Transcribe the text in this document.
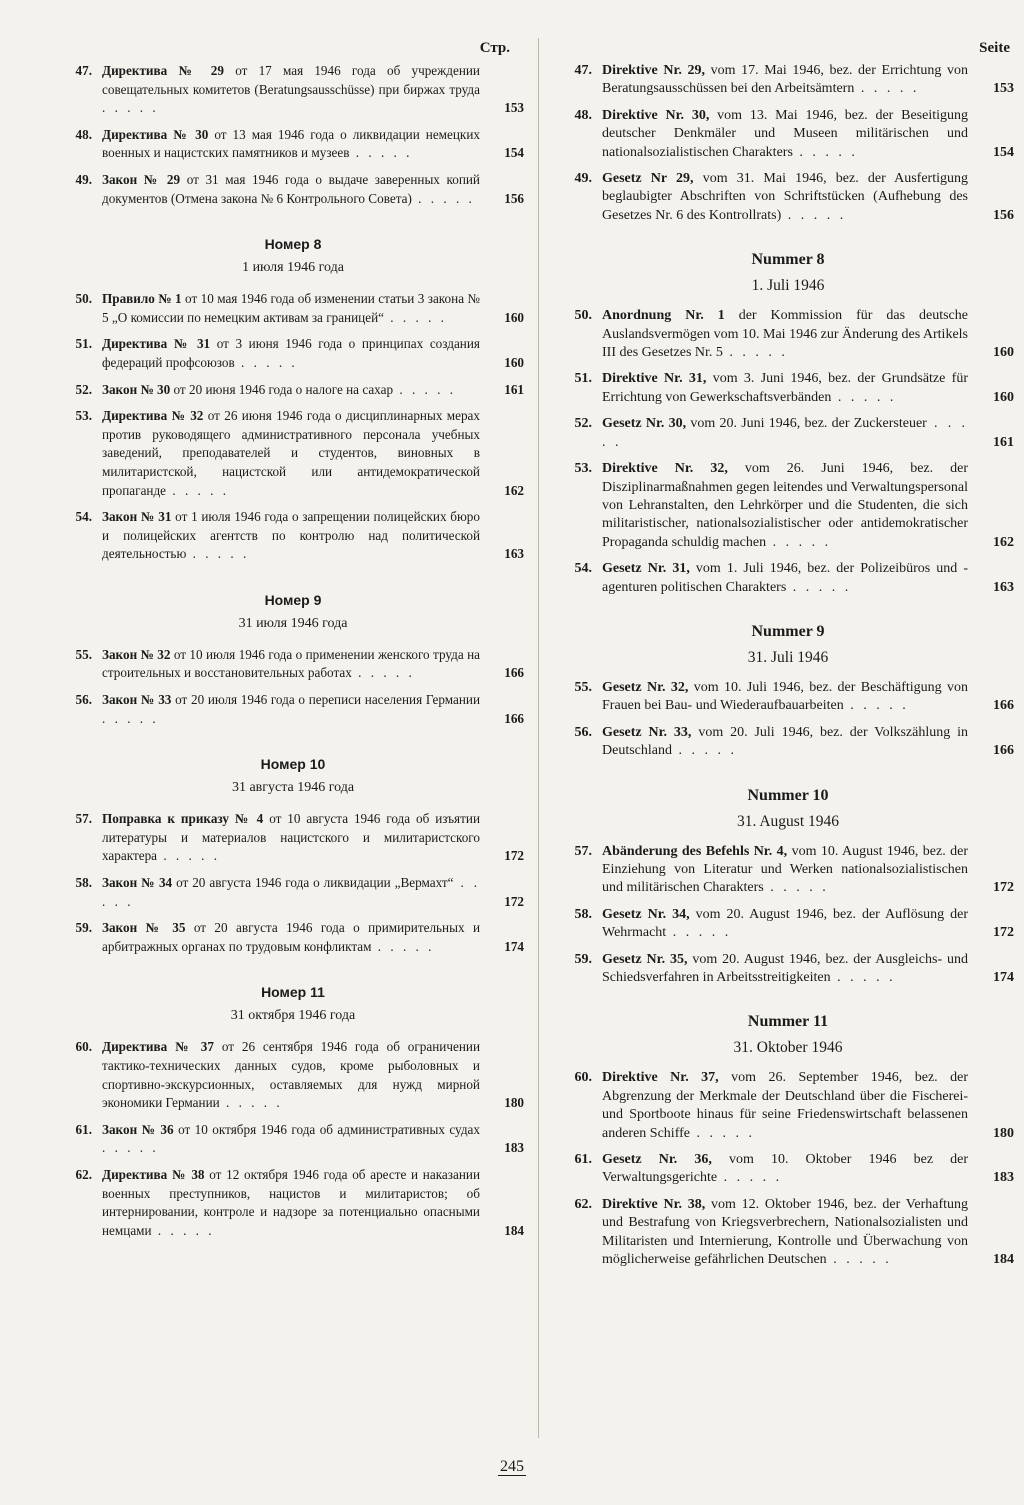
Стр.
47. Директива № 29 от 17 мая 1946 года об учреждении совещательных комитетов (Beratungsausschüsse) при биржах труда . . . . .	153
48. Директива № 30 от 13 мая 1946 года о ликвидации немецких военных и нацистских памятников и музеев . . . . .	154
49. Закон № 29 от 31 мая 1946 года о выдаче заверенных копий документов (Отмена закона № 6 Контрольного Совета) . . . . .	156
Номер 8
1 июля 1946 года
50. Правило № 1 от 10 мая 1946 года об изменении статьи 3 закона № 5 „О комиссии по немецким активам за границей“ . . . . .	160
51. Директива № 31 от 3 июня 1946 года о принципах создания федераций профсоюзов . . . . .	160
52. Закон № 30 от 20 июня 1946 года о налоге на сахар . . . . .	161
53. Директива № 32 от 26 июня 1946 года о дисциплинарных мерах против руководящего административного персонала учебных заведений, преподавателей и студентов, виновных в милитаристской, нацистской или антидемократической пропаганде . . . . .	162
54. Закон № 31 от 1 июля 1946 года о запрещении полицейских бюро и полицейских агентств по контролю над политической деятельностью . . . . .	163
Номер 9
31 июля 1946 года
55. Закон № 32 от 10 июля 1946 года о применении женского труда на строительных и восстановительных работах . . . . .	166
56. Закон № 33 от 20 июля 1946 года о переписи населения Германии . . . . .	166
Номер 10
31 августа 1946 года
57. Поправка к приказу № 4 от 10 августа 1946 года об изъятии литературы и материалов нацистского и милитаристского характера . . . . .	172
58. Закон № 34 от 20 августа 1946 года о ликвидации „Вермахт“ . . . . .	172
59. Закон № 35 от 20 августа 1946 года о примирительных и арбитражных органах по трудовым конфликтам . . . . .	174
Номер 11
31 октября 1946 года
60. Директива № 37 от 26 сентября 1946 года об ограничении тактико-технических данных судов, кроме рыболовных и спортивно-экскурсионных, оставляемых для нужд мирной экономики Германии . . . . .	180
61. Закон № 36 от 10 октября 1946 года об административных судах . . . . .	183
62. Директива № 38 от 12 октября 1946 года об аресте и наказании военных преступников, нацистов и милитаристов; об интернировании, контроле и надзоре за потенциально опасными немцами . . . . .	184
Seite
47. Direktive Nr. 29, vom 17. Mai 1946, bez. der Errichtung von Beratungsausschüssen bei den Arbeitsämtern . . . . .	153
48. Direktive Nr. 30, vom 13. Mai 1946, bez. der Beseitigung deutscher Denkmäler und Museen militärischen und nationalsozialistischen Charakters . . . . .	154
49. Gesetz Nr 29, vom 31. Mai 1946, bez. der Ausfertigung beglaubigter Abschriften von Schriftstücken (Aufhebung des Gesetzes Nr. 6 des Kontrollrats) . . . . .	156
Nummer 8
1. Juli 1946
50. Anordnung Nr. 1 der Kommission für das deutsche Auslandsvermögen vom 10. Mai 1946 zur Änderung des Artikels III des Gesetzes Nr. 5 . . . . .	160
51. Direktive Nr. 31, vom 3. Juni 1946, bez. der Grundsätze für Errichtung von Gewerkschaftsverbänden . . . . .	160
52. Gesetz Nr. 30, vom 20. Juni 1946, bez. der Zuckersteuer . . . . .	161
53. Direktive Nr. 32, vom 26. Juni 1946, bez. der Disziplinarmaßnahmen gegen leitendes und Verwaltungspersonal von Lehranstalten, den Lehrkörper und die Studenten, die sich militaristischer, nationalsozialistischer oder antidemokratischer Propaganda schuldig machen . . . . .	162
54. Gesetz Nr. 31, vom 1. Juli 1946, bez. der Polizeibüros und -agenturen politischen Charakters . . . . .	163
Nummer 9
31. Juli 1946
55. Gesetz Nr. 32, vom 10. Juli 1946, bez. der Beschäftigung von Frauen bei Bau- und Wiederaufbauarbeiten . . . . .	166
56. Gesetz Nr. 33, vom 20. Juli 1946, bez. der Volkszählung in Deutschland . . . . .	166
Nummer 10
31. August 1946
57. Abänderung des Befehls Nr. 4, vom 10. August 1946, bez. der Einziehung von Literatur und Werken nationalsozialistischen und militärischen Charakters . . . . .	172
58. Gesetz Nr. 34, vom 20. August 1946, bez. der Auflösung der Wehrmacht . . . . .	172
59. Gesetz Nr. 35, vom 20. August 1946, bez. der Ausgleichs- und Schiedsverfahren in Arbeitsstreitigkeiten . . . . .	174
Nummer 11
31. Oktober 1946
60. Direktive Nr. 37, vom 26. September 1946, bez. der Abgrenzung der Merkmale der Deutschland über die Fischerei- und Sportboote hinaus für seine Friedenswirtschaft belassenen anderen Schiffe . . . . .	180
61. Gesetz Nr. 36, vom 10. Oktober 1946 bez der Verwaltungsgerichte . . . . .	183
62. Direktive Nr. 38, vom 12. Oktober 1946, bez. der Verhaftung und Bestrafung von Kriegsverbrechern, Nationalsozialisten und Militaristen und Internierung, Kontrolle und Überwachung von möglicherweise gefährlichen Deutschen . . . . .	184
245
